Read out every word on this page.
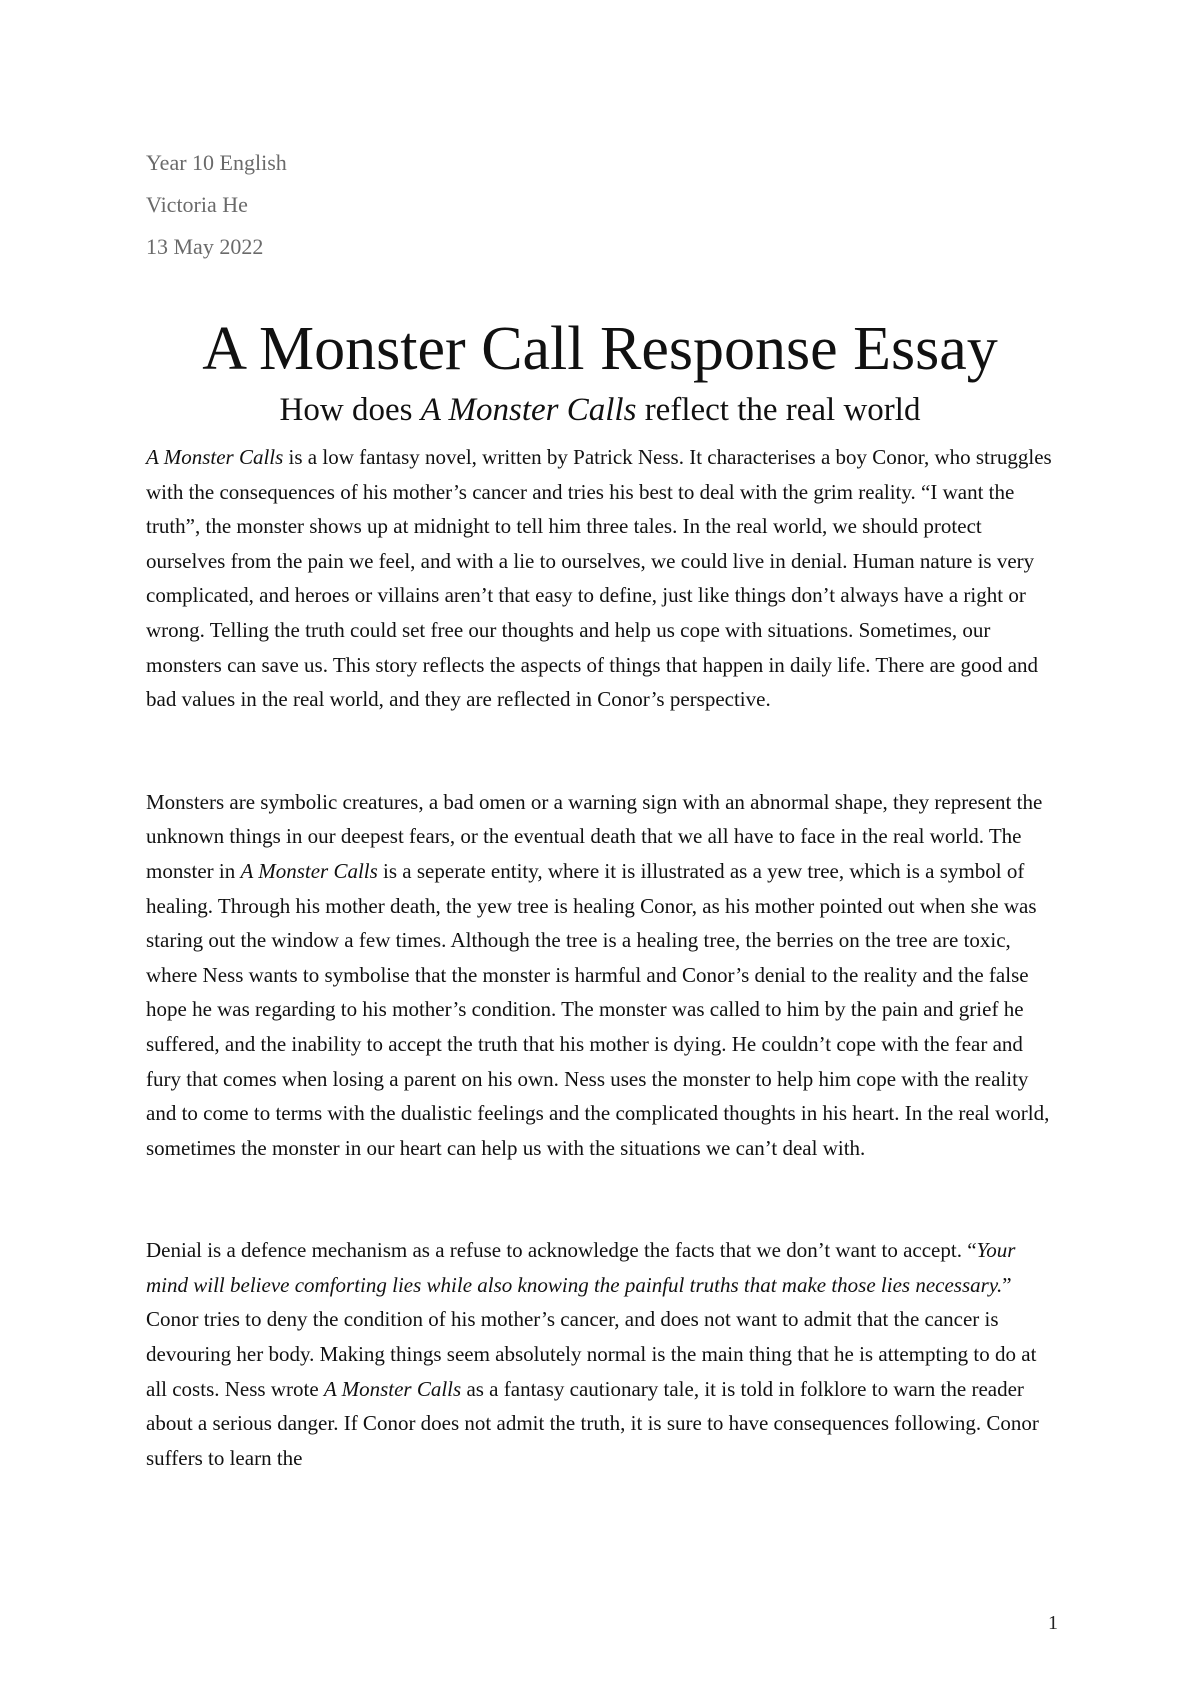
Year 10 English
Victoria He
13 May 2022
A Monster Call Response Essay
How does A Monster Calls reflect the real world

A Monster Calls is a low fantasy novel, written by Patrick Ness. It characterises a boy Conor, who struggles with the consequences of his mother’s cancer and tries his best to deal with the grim reality. “I want the truth”, the monster shows up at midnight to tell him three tales. In the real world, we should protect ourselves from the pain we feel, and with a lie to ourselves, we could live in denial. Human nature is very complicated, and heroes or villains aren’t that easy to define, just like things don’t always have a right or wrong. Telling the truth could set free our thoughts and help us cope with situations. Sometimes, our monsters can save us. This story reflects the aspects of things that happen in daily life. There are good and bad values in the real world, and they are reflected in Conor’s perspective.

Monsters are symbolic creatures, a bad omen or a warning sign with an abnormal shape, they represent the unknown things in our deepest fears, or the eventual death that we all have to face in the real world. The monster in A Monster Calls is a seperate entity, where it is illustrated as a yew tree, which is a symbol of healing. Through his mother death, the yew tree is healing Conor, as his mother pointed out when she was staring out the window a few times. Although the tree is a healing tree, the berries on the tree are toxic, where Ness wants to symbolise that the monster is harmful and Conor’s denial to the reality and the false hope he was regarding to his mother’s condition. The monster was called to him by the pain and grief he suffered, and the inability to accept the truth that his mother is dying. He couldn’t cope with the fear and fury that comes when losing a parent on his own. Ness uses the monster to help him cope with the reality and to come to terms with the dualistic feelings and the complicated thoughts in his heart. In the real world, sometimes the monster in our heart can help us with the situations we can’t deal with.

Denial is a defence mechanism as a refuse to acknowledge the facts that we don’t want to accept. “Your mind will believe comforting lies while also knowing the painful truths that make those lies necessary.” Conor tries to deny the condition of his mother’s cancer, and does not want to admit that the cancer is devouring her body. Making things seem absolutely normal is the main thing that he is attempting to do at all costs. Ness wrote A Monster Calls as a fantasy cautionary tale, it is told in folklore to warn the reader about a serious danger. If Conor does not admit the truth, it is sure to have consequences following. Conor suffers to learn the

1
